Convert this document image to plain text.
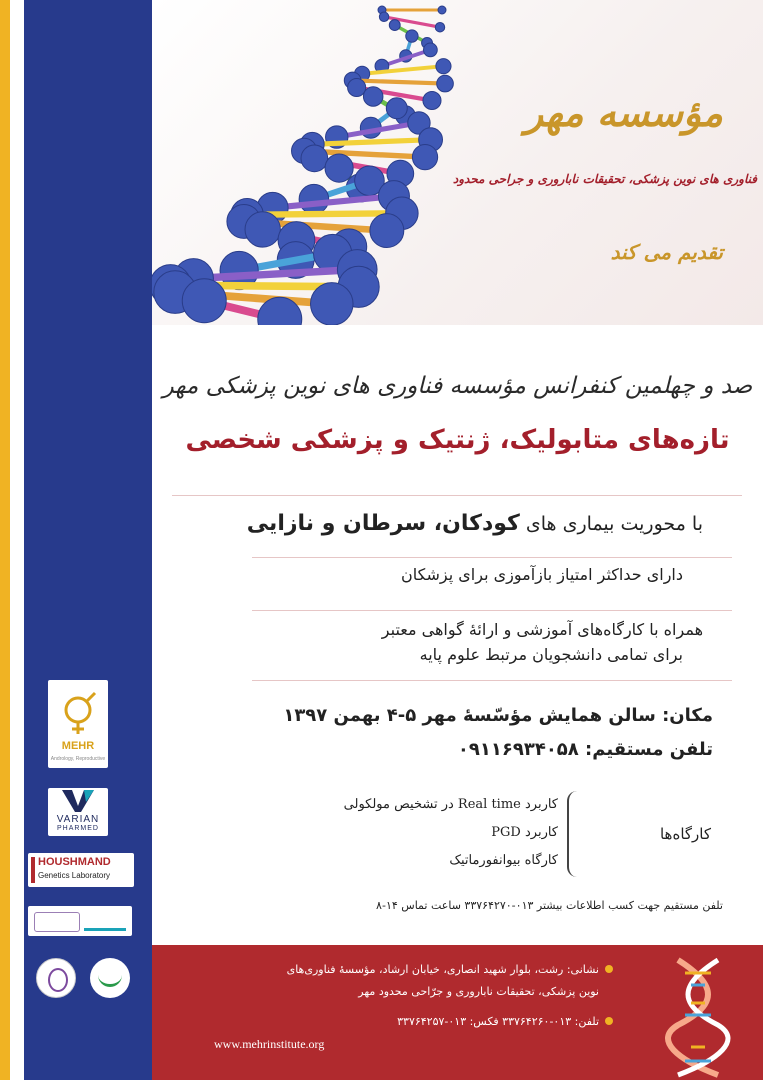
MEHR
Andrology, Reproductive
VARIAN
PHARMED
HOUSHMAND
Genetics Laboratory
مؤسسه مهر
فناوری های نوین پزشکی، تحقیقات ناباروری و جراحی محدود
تقدیم می کند
صد و چهلمین کنفرانس مؤسسه فناوری های نوین پزشکی مهر
تازه‌های متابولیک، ژنتیک و پزشکی شخصی
با محوریت بیماری های کودکان، سرطان و نازایی
دارای حداکثر امتیاز بازآموزی برای پزشکان
همراه با کارگاه‌های آموزشی و ارائهٔ گواهی معتبر
برای تمامی دانشجویان مرتبط علوم پایه
مکان: سالن همایش مؤسّسهٔ مهر ۵-۴ بهمن ۱۳۹۷
تلفن مستقیم: ۰۹۱۱۶۹۳۴۰۵۸
کارگاه‌ها
کاربرد Real time در تشخیص مولکولی
کاربرد PGD
کارگاه بیوانفورماتیک
تلفن مستقیم جهت کسب اطلاعات بیشتر ۰۱۳-۳۳۷۶۴۲۷۰ ساعت تماس ۱۴-۸
نشانی: رشت، بلوار شهید انصاری، خیابان ارشاد، مؤسسهٔ فناوری‌های
نوین پزشکی، تحقیقات ناباروری و جرّاحی محدود مهر
تلفن: ۰۱۳-۳۳۷۶۴۲۶۰ فکس: ۰۱۳-۳۳۷۶۴۲۵۷
www.mehrinstitute.org
